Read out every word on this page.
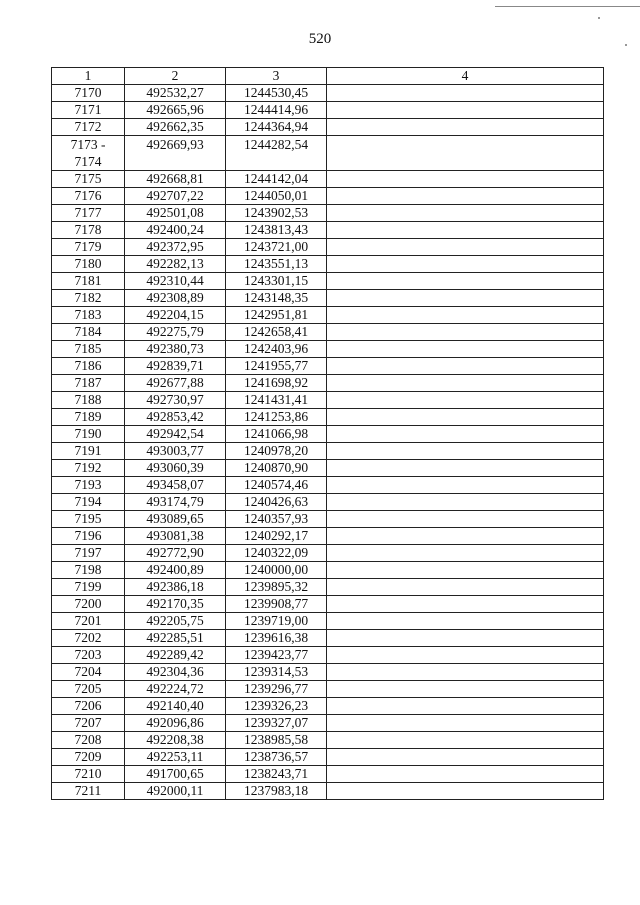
520
1	2	3	4
7170	492532,27	1244530,45	
7171	492665,96	1244414,96	
7172	492662,35	1244364,94	
7173 - 7174	492669,93	1244282,54	
7175	492668,81	1244142,04	
7176	492707,22	1244050,01	
7177	492501,08	1243902,53	
7178	492400,24	1243813,43	
7179	492372,95	1243721,00	
7180	492282,13	1243551,13	
7181	492310,44	1243301,15	
7182	492308,89	1243148,35	
7183	492204,15	1242951,81	
7184	492275,79	1242658,41	
7185	492380,73	1242403,96	
7186	492839,71	1241955,77	
7187	492677,88	1241698,92	
7188	492730,97	1241431,41	
7189	492853,42	1241253,86	
7190	492942,54	1241066,98	
7191	493003,77	1240978,20	
7192	493060,39	1240870,90	
7193	493458,07	1240574,46	
7194	493174,79	1240426,63	
7195	493089,65	1240357,93	
7196	493081,38	1240292,17	
7197	492772,90	1240322,09	
7198	492400,89	1240000,00	
7199	492386,18	1239895,32	
7200	492170,35	1239908,77	
7201	492205,75	1239719,00	
7202	492285,51	1239616,38	
7203	492289,42	1239423,77	
7204	492304,36	1239314,53	
7205	492224,72	1239296,77	
7206	492140,40	1239326,23	
7207	492096,86	1239327,07	
7208	492208,38	1238985,58	
7209	492253,11	1238736,57	
7210	491700,65	1238243,71	
7211	492000,11	1237983,18	
